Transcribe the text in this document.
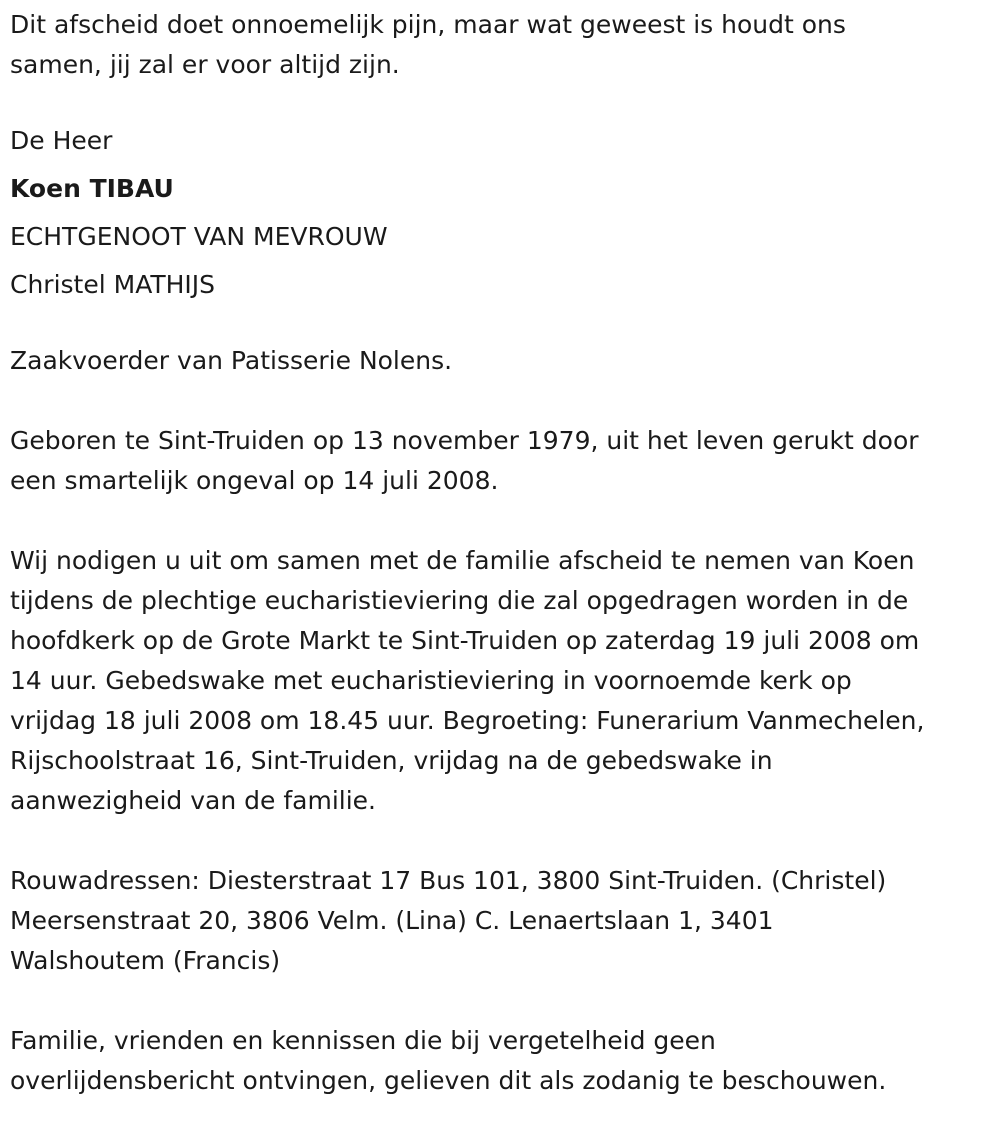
Dit afscheid doet onnoemelijk pijn, maar wat geweest is houdt ons
samen, jij zal er voor altijd zijn.

De Heer
Koen TIBAU
ECHTGENOOT VAN MEVROUW
Christel MATHIJS

Zaakvoerder van Patisserie Nolens.

Geboren te Sint-Truiden op 13 november 1979, uit het leven gerukt door
een smartelijk ongeval op 14 juli 2008.

Wij nodigen u uit om samen met de familie afscheid te nemen van Koen
tijdens de plechtige eucharistieviering die zal opgedragen worden in de
hoofdkerk op de Grote Markt te Sint-Truiden op zaterdag 19 juli 2008 om
14 uur. Gebedswake met eucharistieviering in voornoemde kerk op
vrijdag 18 juli 2008 om 18.45 uur. Begroeting: Funerarium Vanmechelen,
Rijschoolstraat 16, Sint-Truiden, vrijdag na de gebedswake in
aanwezigheid van de familie.

Rouwadressen: Diesterstraat 17 Bus 101, 3800 Sint-Truiden. (Christel)
Meersenstraat 20, 3806 Velm. (Lina) C. Lenaertslaan 1, 3401
Walshoutem (Francis)

Familie, vrienden en kennissen die bij vergetelheid geen
overlijdensbericht ontvingen, gelieven dit als zodanig te beschouwen.
